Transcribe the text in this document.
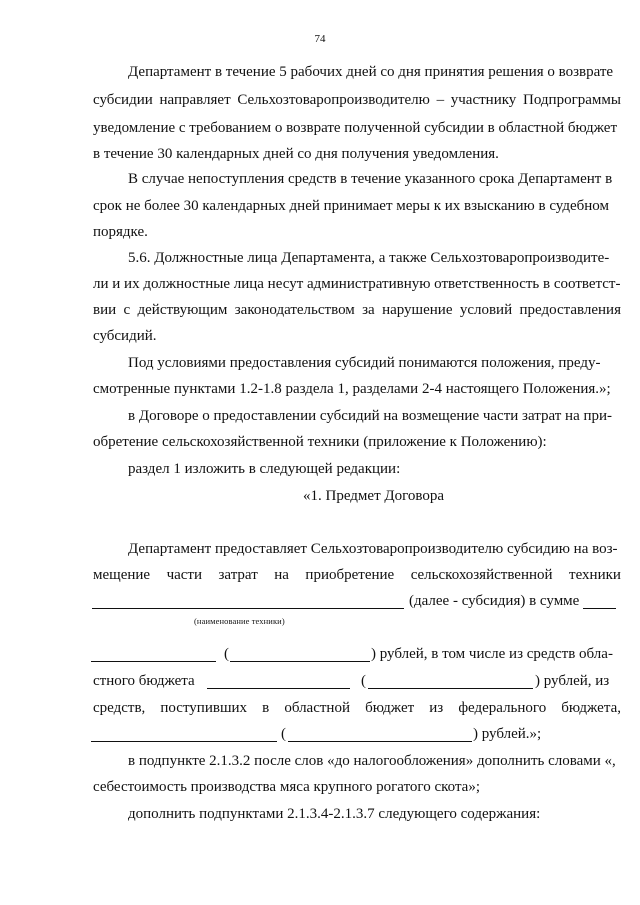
74
Департамент в течение 5 рабочих дней со дня принятия решения о возврате
субсидии направляет Сельхозтоваропроизводителю – участнику Подпрограммы
уведомление с требованием о возврате полученной субсидии в областной бюджет
в течение 30 календарных дней со дня получения уведомления.
В случае непоступления средств в течение указанного срока Департамент в
срок не более 30 календарных дней принимает меры к их взысканию в судебном
порядке.
5.6. Должностные лица Департамента, а также Сельхозтоваропроизводите-
ли и их должностные лица несут административную ответственность в соответст-
вии с действующим законодательством за нарушение условий предоставления
субсидий.
Под условиями предоставления субсидий понимаются положения, преду-
смотренные пунктами 1.2-1.8 раздела 1, разделами 2-4 настоящего Положения.»;
в Договоре о предоставлении субсидий на возмещение части затрат на при-
обретение сельскохозяйственной техники (приложение к Положению):
раздел 1 изложить в следующей редакции:
«1. Предмет Договора
Департамент предоставляет Сельхозтоваропроизводителю субсидию на воз-
мещение части затрат на приобретение сельскохозяйственной техники
(далее - субсидия) в сумме
(наименование техники)
(	) рублей, в том числе из средств обла-
стного бюджета	(	) рублей, из
средств, поступивших в областной бюджет из федерального бюджета,
(	) рублей.»;
в подпункте 2.1.3.2 после слов «до налогообложения» дополнить словами «,
себестоимость производства мяса крупного рогатого скота»;
дополнить подпунктами 2.1.3.4-2.1.3.7 следующего содержания:
